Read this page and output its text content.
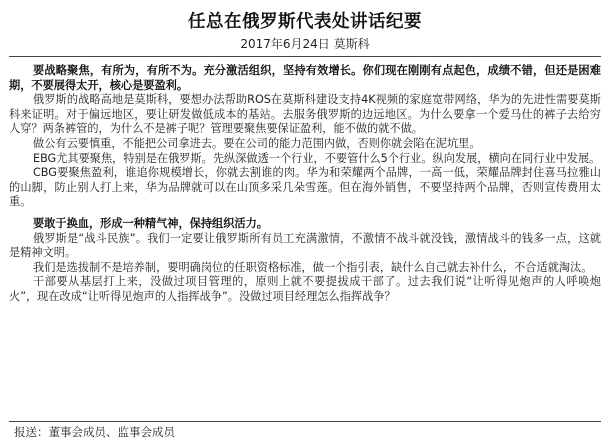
任总在俄罗斯代表处讲话纪要
2017年6月24日 莫斯科

要战略聚焦，有所为，有所不为。充分激活组织，坚持有效增长。你们现在刚刚有点起色，成绩不错，但还是困难期，不要展得太开，核心是要盈利。

俄罗斯的战略高地是莫斯科，要想办法帮助ROS在莫斯科建设支持4K视频的家庭宽带网络，华为的先进性需要莫斯科来证明。对于偏远地区，要让研发做低成本的基站。去服务俄罗斯的边远地区。为什么要拿一个爱马仕的裤子去给穷人穿？两条裤管的，为什么不是裤子呢？管理要聚焦要保证盈利，能不做的就不做。

做公有云要慎重，不能把公司拿进去。要在公司的能力范围内做，否则你就会陷在泥坑里。

EBG尤其要聚焦，特别是在俄罗斯。先纵深做透一个行业，不要管什么5个行业。纵向发展，横向在同行业中发展。

CBG要聚焦盈利，谁追你规模增长，你就去割谁的肉。华为和荣耀两个品牌，一高一低，荣耀品牌封住喜马拉雅山的山脚，防止别人打上来，华为品牌就可以在山顶多采几朵雪莲。但在海外销售，不要坚持两个品牌，否则宣传费用太重。

要敢于换血，形成一种精气神，保持组织活力。

俄罗斯是“战斗民族”。我们一定要让俄罗斯所有员工充满激情，不激情不战斗就没钱，激情战斗的钱多一点，这就是精神文明。

我们是选拔制不是培养制，要明确岗位的任职资格标准，做一个指引表，缺什么自己就去补什么，不合适就淘汰。

干部要从基层打上来，没做过项目管理的，原则上就不要提拔成干部了。过去我们说“让听得见炮声的人呼唤炮火”，现在改成“让听得见炮声的人指挥战争”。没做过项目经理怎么指挥战争？

报送：董事会成员、监事会成员
